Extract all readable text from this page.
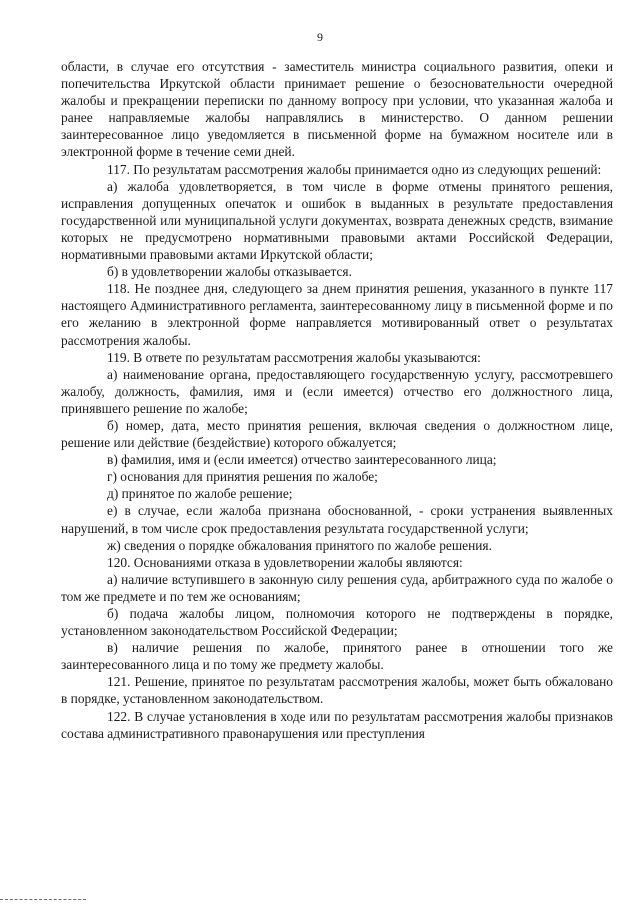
9

области, в случае его отсутствия - заместитель министра социального развития, опеки и попечительства Иркутской области принимает решение о безосновательности очередной жалобы и прекращении переписки по данному вопросу при условии, что указанная жалоба и ранее направляемые жалобы направлялись в министерство. О данном решении заинтересованное лицо уведомляется в письменной форме на бумажном носителе или в электронной форме в течение семи дней.

117. По результатам рассмотрения жалобы принимается одно из следующих решений:

а) жалоба удовлетворяется, в том числе в форме отмены принятого решения, исправления допущенных опечаток и ошибок в выданных в результате предоставления государственной или муниципальной услуги документах, возврата денежных средств, взимание которых не предусмотрено нормативными правовыми актами Российской Федерации, нормативными правовыми актами Иркутской области;

б) в удовлетворении жалобы отказывается.

118. Не позднее дня, следующего за днем принятия решения, указанного в пункте 117 настоящего Административного регламента, заинтересованному лицу в письменной форме и по его желанию в электронной форме направляется мотивированный ответ о результатах рассмотрения жалобы.

119. В ответе по результатам рассмотрения жалобы указываются:

а) наименование органа, предоставляющего государственную услугу, рассмотревшего жалобу, должность, фамилия, имя и (если имеется) отчество его должностного лица, принявшего решение по жалобе;

б) номер, дата, место принятия решения, включая сведения о должностном лице, решение или действие (бездействие) которого обжалуется;

в) фамилия, имя и (если имеется) отчество заинтересованного лица;

г) основания для принятия решения по жалобе;

д) принятое по жалобе решение;

е) в случае, если жалоба признана обоснованной, - сроки устранения выявленных нарушений, в том числе срок предоставления результата государственной услуги;

ж) сведения о порядке обжалования принятого по жалобе решения.

120. Основаниями отказа в удовлетворении жалобы являются:

а) наличие вступившего в законную силу решения суда, арбитражного суда по жалобе о том же предмете и по тем же основаниям;

б) подача жалобы лицом, полномочия которого не подтверждены в порядке, установленном законодательством Российской Федерации;

в) наличие решения по жалобе, принятого ранее в отношении того же заинтересованного лица и по тому же предмету жалобы.

121. Решение, принятое по результатам рассмотрения жалобы, может быть обжаловано в порядке, установленном законодательством.

122. В случае установления в ходе или по результатам рассмотрения жалобы признаков состава административного правонарушения или преступления
